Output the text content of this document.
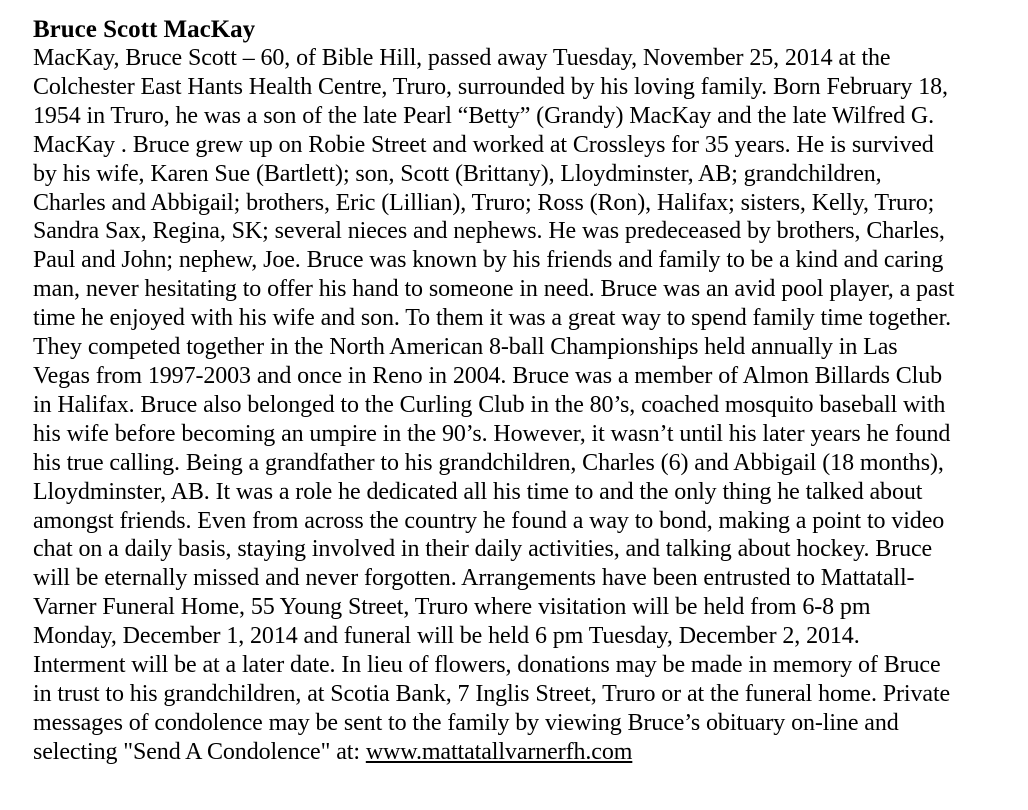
Bruce Scott MacKay
MacKay, Bruce Scott – 60, of Bible Hill, passed away Tuesday, November 25, 2014 at the
Colchester East Hants Health Centre, Truro, surrounded by his loving family. Born February 18,
1954 in Truro, he was a son of the late Pearl “Betty” (Grandy) MacKay and the late Wilfred G.
MacKay . Bruce grew up on Robie Street and worked at Crossleys for 35 years. He is survived
by his wife, Karen Sue (Bartlett); son, Scott (Brittany), Lloydminster, AB; grandchildren,
Charles and Abbigail; brothers, Eric (Lillian), Truro; Ross (Ron), Halifax; sisters, Kelly, Truro;
Sandra Sax, Regina, SK; several nieces and nephews. He was predeceased by brothers, Charles,
Paul and John; nephew, Joe. Bruce was known by his friends and family to be a kind and caring
man, never hesitating to offer his hand to someone in need. Bruce was an avid pool player, a past
time he enjoyed with his wife and son. To them it was a great way to spend family time together.
They competed together in the North American 8-ball Championships held annually in Las
Vegas from 1997-2003 and once in Reno in 2004. Bruce was a member of Almon Billards Club
in Halifax. Bruce also belonged to the Curling Club in the 80’s, coached mosquito baseball with
his wife before becoming an umpire in the 90’s. However, it wasn’t until his later years he found
his true calling. Being a grandfather to his grandchildren, Charles (6) and Abbigail (18 months),
Lloydminster, AB. It was a role he dedicated all his time to and the only thing he talked about
amongst friends. Even from across the country he found a way to bond, making a point to video
chat on a daily basis, staying involved in their daily activities, and talking about hockey. Bruce
will be eternally missed and never forgotten. Arrangements have been entrusted to Mattatall-
Varner Funeral Home, 55 Young Street, Truro where visitation will be held from 6-8 pm
Monday, December 1, 2014 and funeral will be held 6 pm Tuesday, December 2, 2014.
Interment will be at a later date. In lieu of flowers, donations may be made in memory of Bruce
in trust to his grandchildren, at Scotia Bank, 7 Inglis Street, Truro or at the funeral home. Private
messages of condolence may be sent to the family by viewing Bruce’s obituary on-line and
selecting "Send A Condolence" at: www.mattatallvarnerfh.com
